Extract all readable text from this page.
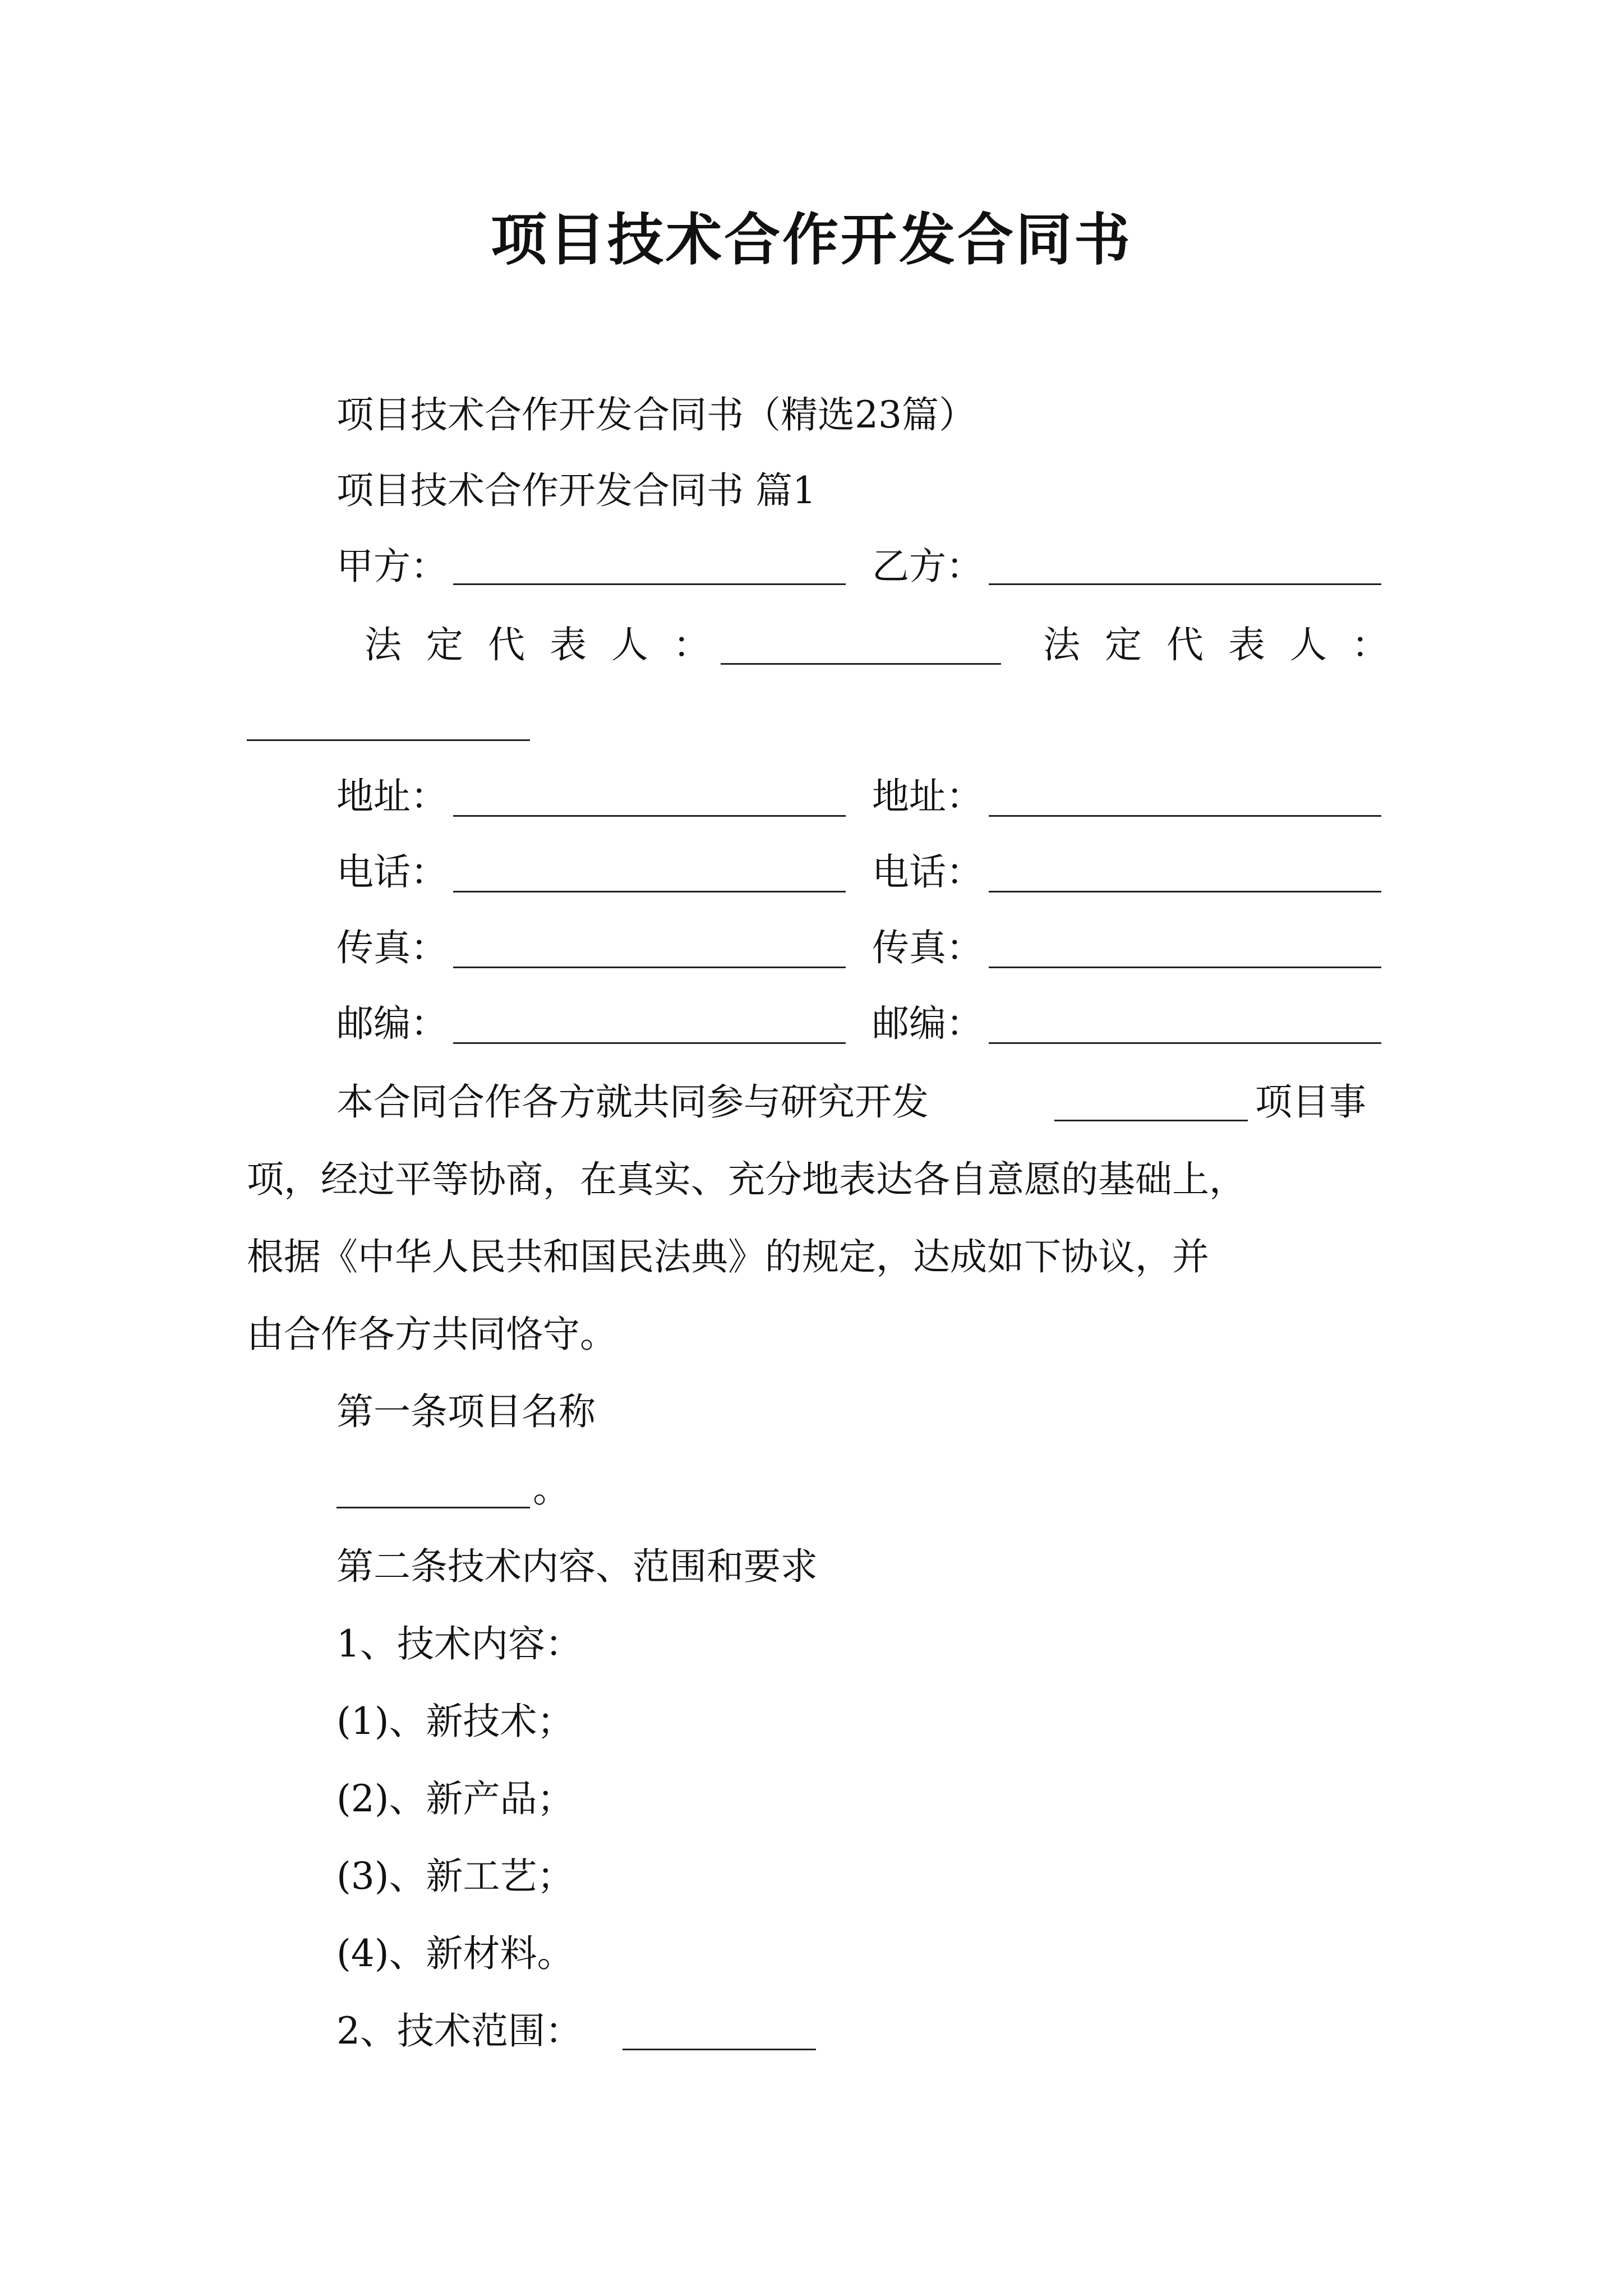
项目技术合作开发合同书
项目技术合作开发合同书（精选23篇）
项目技术合作开发合同书 篇1
甲方：	乙方：
法定代表人：	法定代表人：
地址：	地址：
电话：	电话：
传真：	传真：
邮编：	邮编：
本合同合作各方就共同参与研究开发	项目事
项，经过平等协商，在真实、充分地表达各自意愿的基础上，
根据《中华人民共和国民法典》的规定，达成如下协议，并
由合作各方共同恪守。
第一条项目名称
。
第二条技术内容、范围和要求
1、技术内容：
(1)、新技术；
(2)、新产品；
(3)、新工艺；
(4)、新材料。
2、技术范围：
